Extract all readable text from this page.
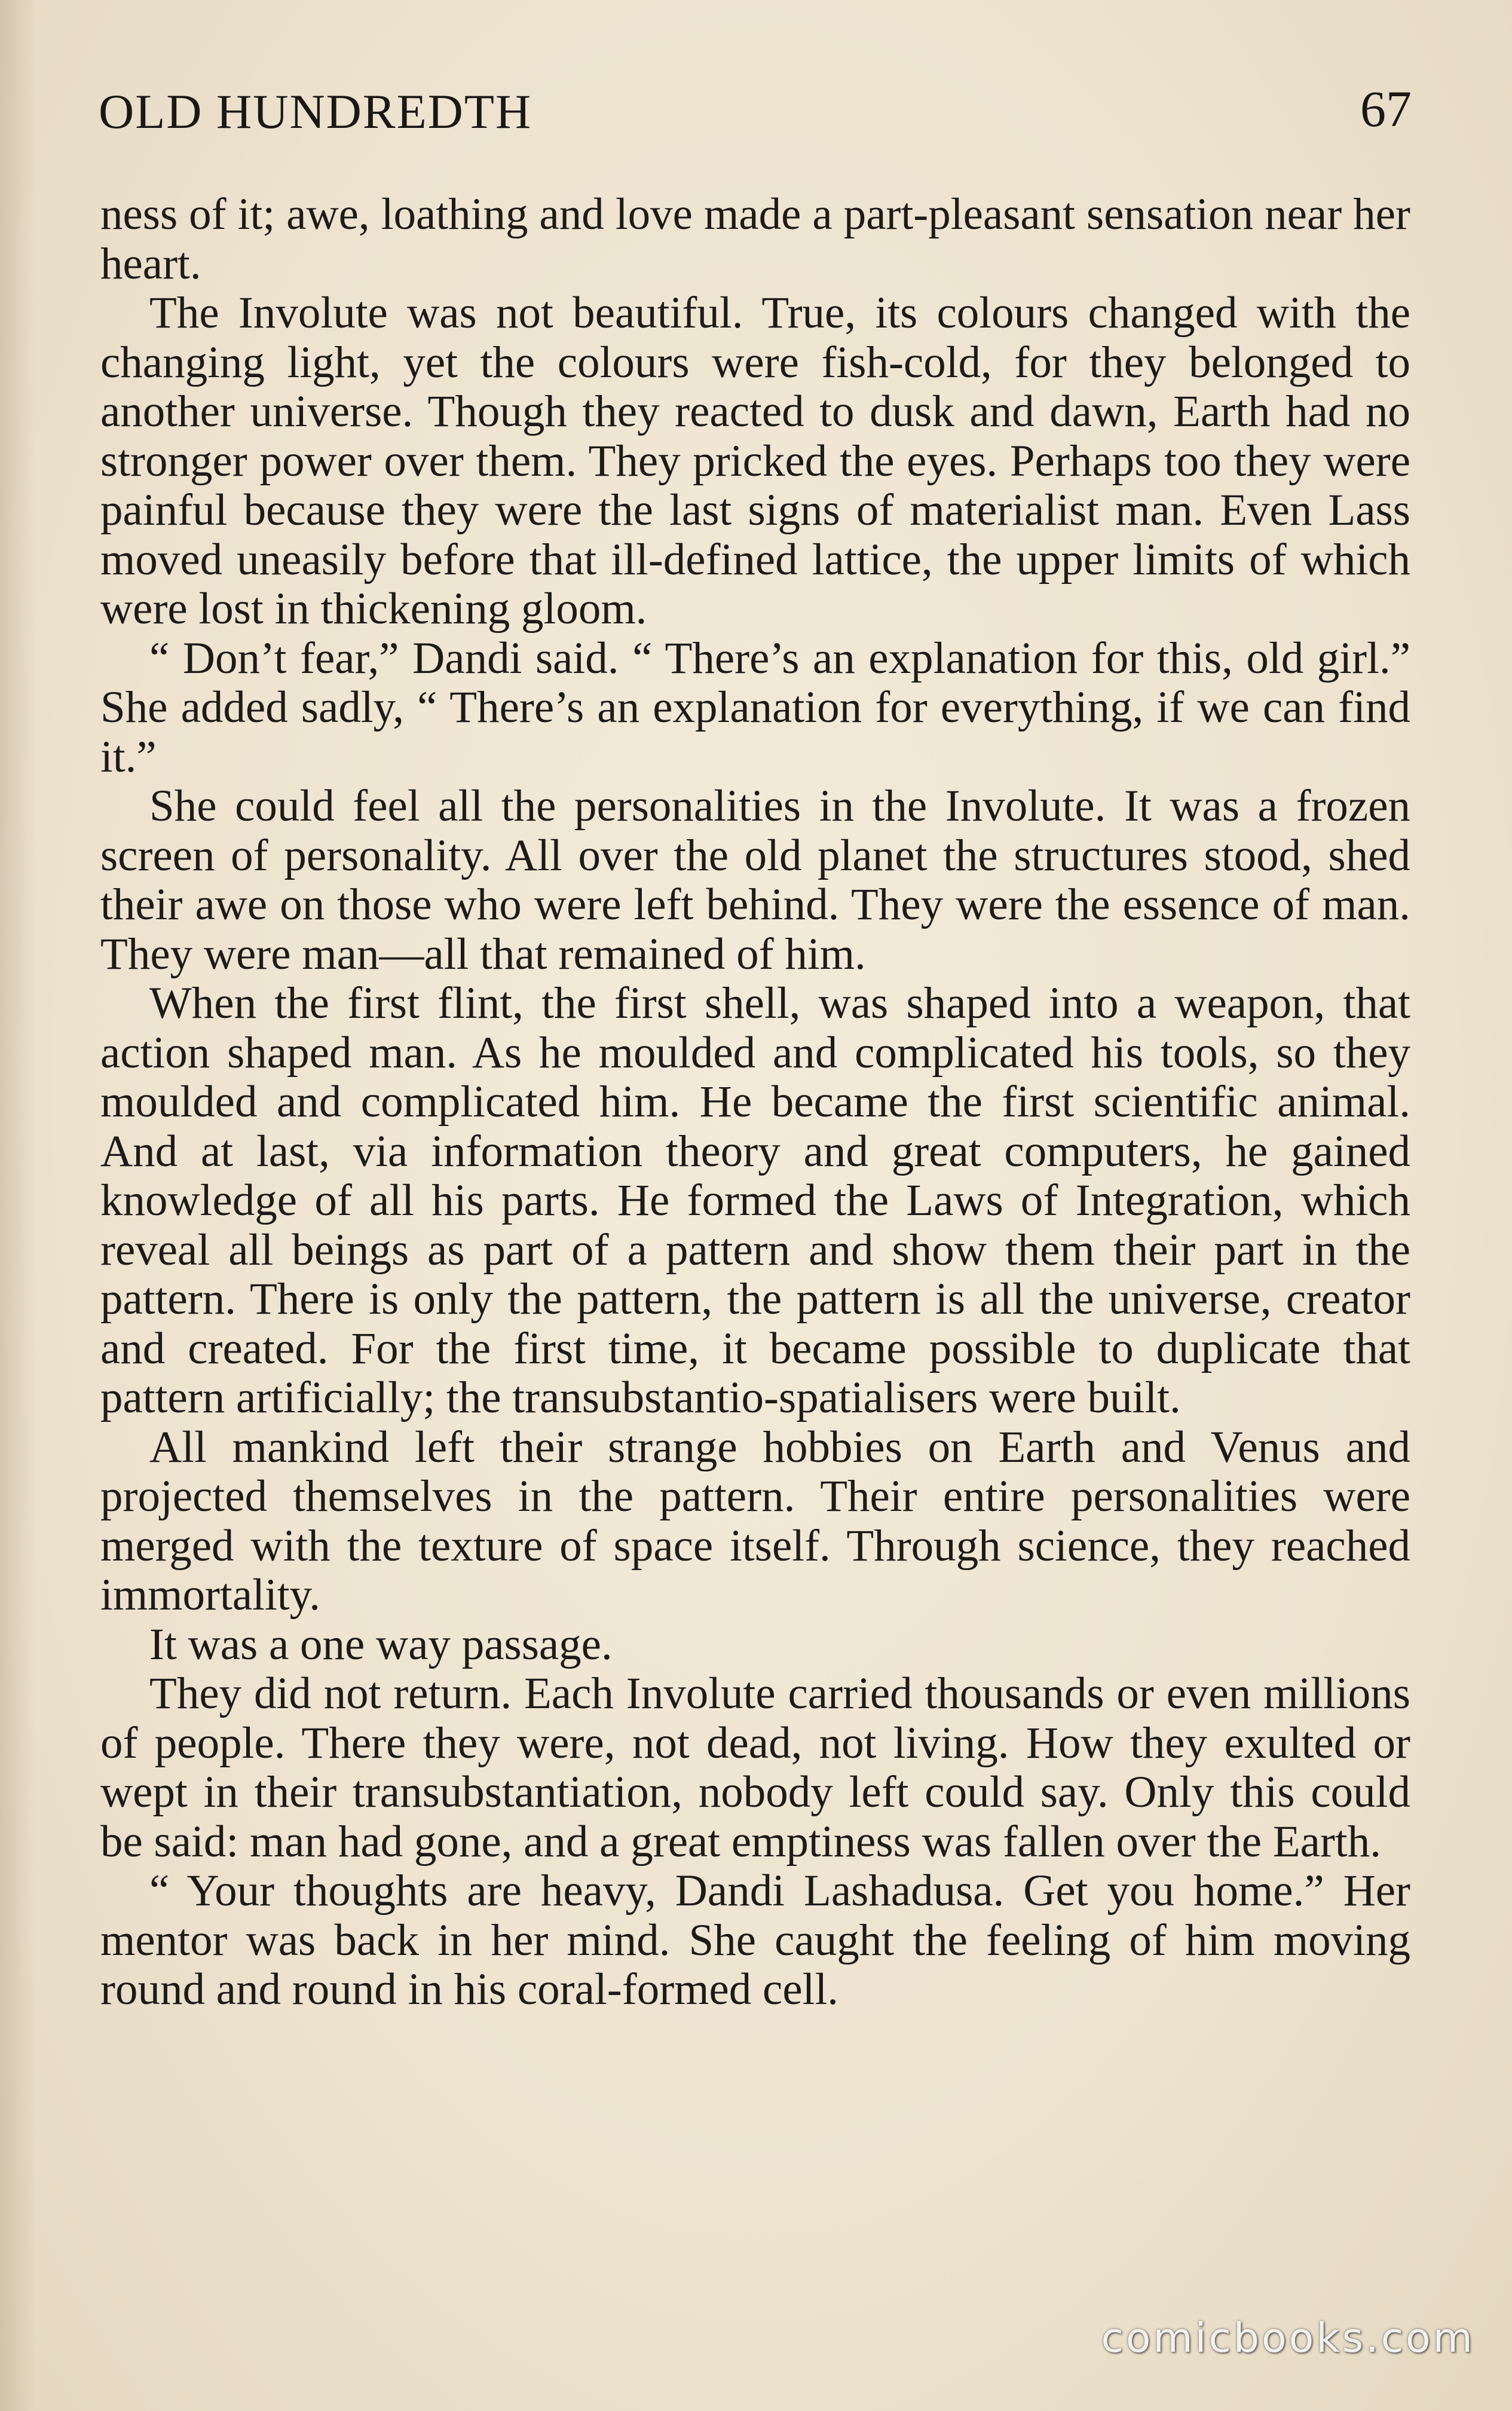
OLD HUNDREDTH	67

ness of it; awe, loathing and love made a part-pleasant sensation near her heart.

The Involute was not beautiful. True, its colours changed with the changing light, yet the colours were fish-cold, for they belonged to another universe. Though they reacted to dusk and dawn, Earth had no stronger power over them. They pricked the eyes. Perhaps too they were painful because they were the last signs of materialist man. Even Lass moved uneasily before that ill-defined lattice, the upper limits of which were lost in thickening gloom.

“ Don’t fear,” Dandi said. “ There’s an explanation for this, old girl.” She added sadly, “ There’s an explanation for everything, if we can find it.”

She could feel all the personalities in the Involute. It was a frozen screen of personality. All over the old planet the structures stood, shed their awe on those who were left behind. They were the essence of man. They were man—all that remained of him.

When the first flint, the first shell, was shaped into a weapon, that action shaped man. As he moulded and complicated his tools, so they moulded and complicated him. He became the first scientific animal. And at last, via information theory and great computers, he gained knowledge of all his parts. He formed the Laws of Integration, which reveal all beings as part of a pattern and show them their part in the pattern. There is only the pattern, the pattern is all the universe, creator and created. For the first time, it became possible to duplicate that pattern artificially; the transubstantio-spatialisers were built.

All mankind left their strange hobbies on Earth and Venus and projected themselves in the pattern. Their entire personalities were merged with the texture of space itself. Through science, they reached immortality.

It was a one way passage.

They did not return. Each Involute carried thousands or even millions of people. There they were, not dead, not living. How they exulted or wept in their transubstantiation, nobody left could say. Only this could be said: man had gone, and a great emptiness was fallen over the Earth.

“ Your thoughts are heavy, Dandi Lashadusa. Get you home.” Her mentor was back in her mind. She caught the feeling of him moving round and round in his coral-formed cell.

comicbooks.com
